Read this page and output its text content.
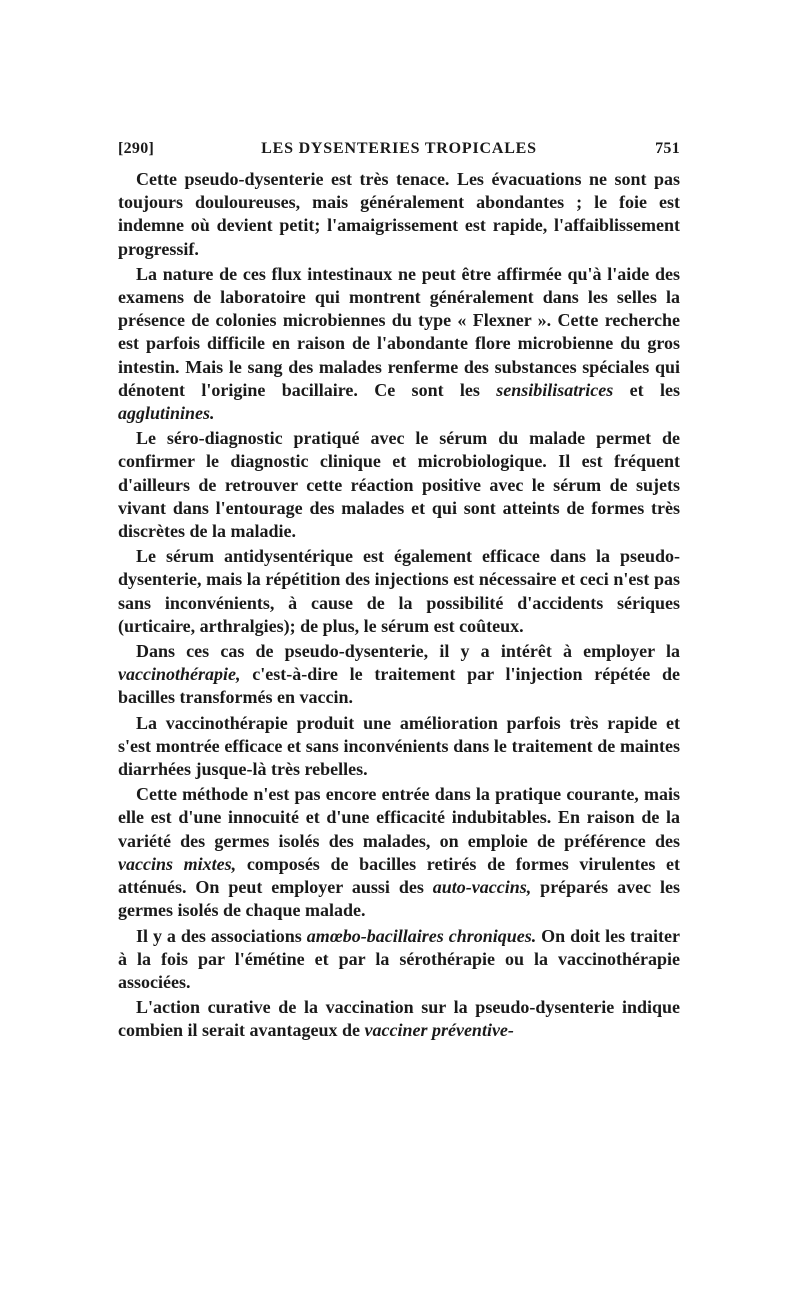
[290]	LES DYSENTERIES TROPICALES	751

Cette pseudo-dysenterie est très tenace. Les évacuations ne sont pas toujours douloureuses, mais généralement abondantes ; le foie est indemne où devient petit; l'amaigrissement est rapide, l'affaiblissement progressif.

La nature de ces flux intestinaux ne peut être affirmée qu'à l'aide des examens de laboratoire qui montrent généralement dans les selles la présence de colonies microbiennes du type « Flexner ». Cette recherche est parfois difficile en raison de l'abondante flore microbienne du gros intestin. Mais le sang des malades renferme des substances spéciales qui dénotent l'origine bacillaire. Ce sont les sensibilisatrices et les agglutinines.

Le séro-diagnostic pratiqué avec le sérum du malade permet de confirmer le diagnostic clinique et microbiologique. Il est fréquent d'ailleurs de retrouver cette réaction positive avec le sérum de sujets vivant dans l'entourage des malades et qui sont atteints de formes très discrètes de la maladie.

Le sérum antidysentérique est également efficace dans la pseudo-dysenterie, mais la répétition des injections est nécessaire et ceci n'est pas sans inconvénients, à cause de la possibilité d'accidents sériques (urticaire, arthralgies); de plus, le sérum est coûteux.

Dans ces cas de pseudo-dysenterie, il y a intérêt à employer la vaccinothérapie, c'est-à-dire le traitement par l'injection répétée de bacilles transformés en vaccin.

La vaccinothérapie produit une amélioration parfois très rapide et s'est montrée efficace et sans inconvénients dans le traitement de maintes diarrhées jusque-là très rebelles.

Cette méthode n'est pas encore entrée dans la pratique courante, mais elle est d'une innocuité et d'une efficacité indubitables. En raison de la variété des germes isolés des malades, on emploie de préférence des vaccins mixtes, composés de bacilles retirés de formes virulentes et atténués. On peut employer aussi des auto-vaccins, préparés avec les germes isolés de chaque malade.

Il y a des associations amœbo-bacillaires chroniques. On doit les traiter à la fois par l'émétine et par la sérothérapie ou la vaccinothérapie associées.

L'action curative de la vaccination sur la pseudo-dysenterie indique combien il serait avantageux de vacciner préventive-
